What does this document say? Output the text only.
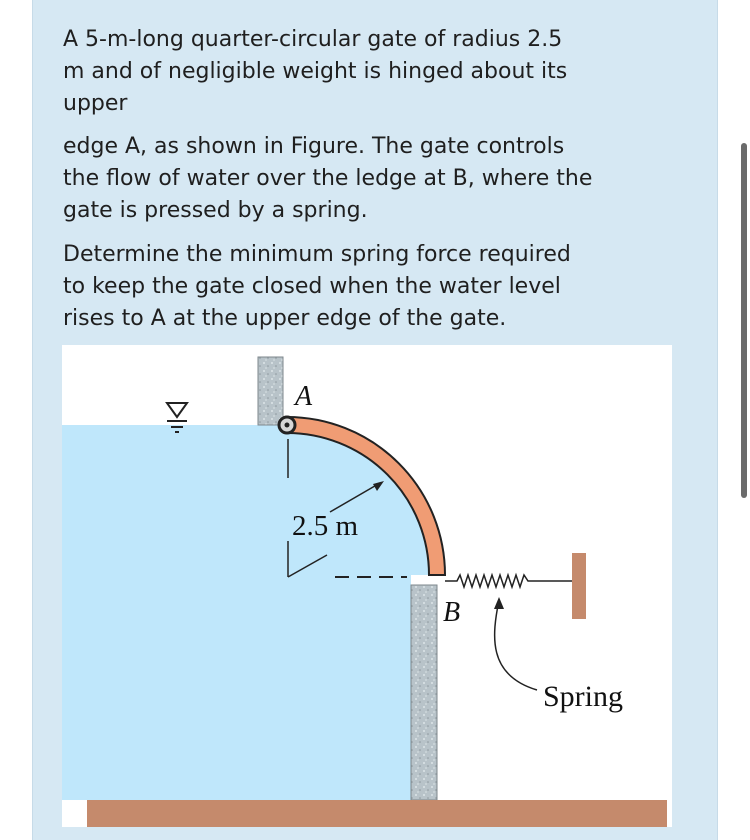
A 5-m-long quarter-circular gate of radius 2.5
m and of negligible weight is hinged about its
upper

edge A, as shown in Figure. The gate controls
the flow of water over the ledge at B, where the
gate is pressed by a spring.

Determine the minimum spring force required
to keep the gate closed when the water level
rises to A at the upper edge of the gate.

A
B
2.5 m
Spring
